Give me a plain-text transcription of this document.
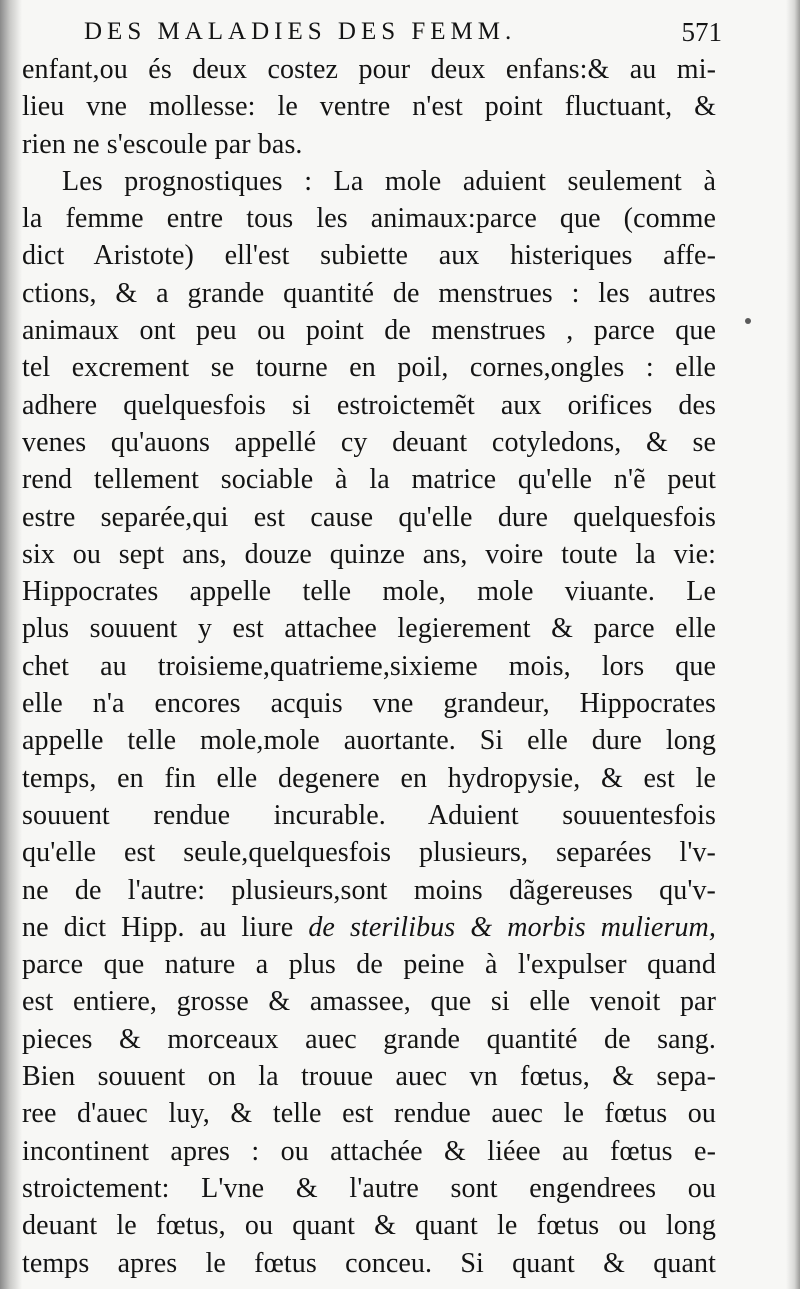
DES MALADIES DES FEMM.	571
enfant,ou és deux costez pour deux enfans:& au mi-
lieu vne mollesse: le ventre n'est point fluctuant, &
rien ne s'escoule par bas.
Les prognostiques : La mole aduient seulement à
la femme entre tous les animaux:parce que (comme
dict Aristote) ell'est subiette aux histeriques affe-
ctions, & a grande quantité de menstrues : les autres
animaux ont peu ou point de menstrues , parce que
tel excrement se tourne en poil, cornes,ongles : elle
adhere quelquesfois si estroictemẽt aux orifices des
venes qu'auons appellé cy deuant cotyledons, & se
rend tellement sociable à la matrice qu'elle n'ẽ peut
estre separée,qui est cause qu'elle dure quelquesfois
six ou sept ans, douze quinze ans, voire toute la vie:
Hippocrates appelle telle mole, mole viuante. Le
plus souuent y est attachee legierement & parce elle
chet au troisieme,quatrieme,sixieme mois, lors que
elle n'a encores acquis vne grandeur, Hippocrates
appelle telle mole,mole auortante. Si elle dure long
temps, en fin elle degenere en hydropysie, & est le
souuent rendue incurable. Aduient souuentesfois
qu'elle est seule,quelquesfois plusieurs, separées l'v-
ne de l'autre: plusieurs,sont moins dãgereuses qu'v-
ne dict Hipp. au liure de sterilibus & morbis mulierum,
parce que nature a plus de peine à l'expulser quand
est entiere, grosse & amassee, que si elle venoit par
pieces & morceaux auec grande quantité de sang.
Bien souuent on la trouue auec vn fœtus, & sepa-
ree d'auec luy, & telle est rendue auec le fœtus ou
incontinent apres : ou attachée & liéee au fœtus e-
stroictement: L'vne & l'autre sont engendrees ou
deuant le fœtus, ou quant & quant le fœtus ou long
temps apres le fœtus conceu. Si quant & quant
